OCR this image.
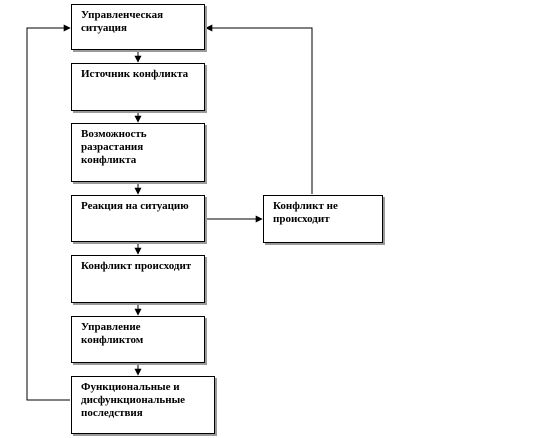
Управленческая ситуация
Источник конфликта
Возможность разрастания конфликта
Реакция на ситуацию
Конфликт происходит
Управление конфликтом
Функциональные и дисфункциональные последствия
Конфликт не происходит
